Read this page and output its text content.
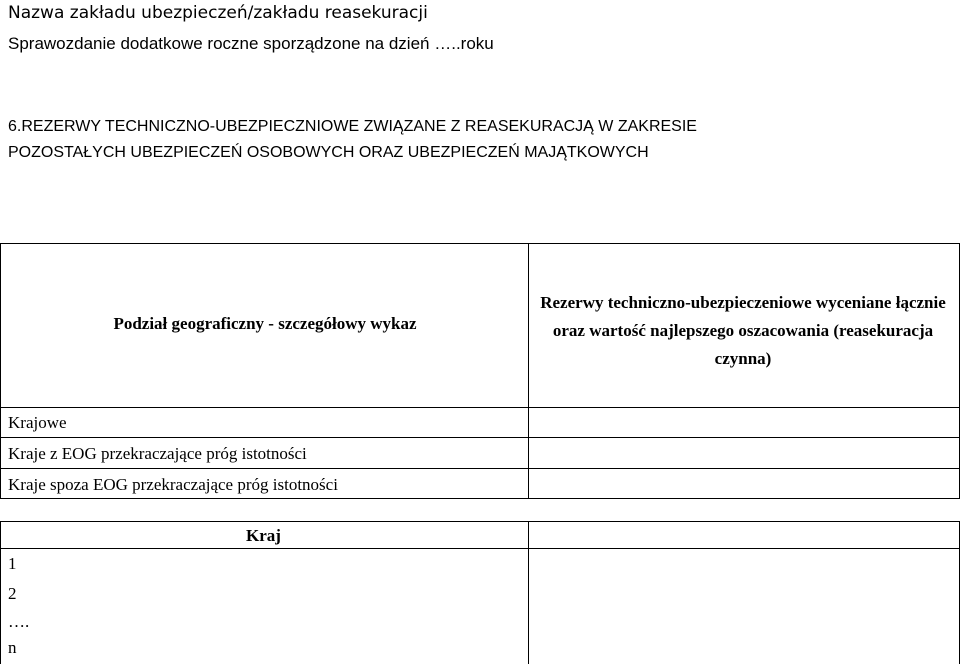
Nazwa zakładu ubezpieczeń/zakładu reasekuracji
Sprawozdanie dodatkowe roczne sporządzone na dzień …..roku
6.REZERWY TECHNICZNO-UBEZPIECZNIOWE ZWIĄZANE Z REASEKURACJĄ W ZAKRESIE
POZOSTAŁYCH UBEZPIECZEŃ OSOBOWYCH ORAZ UBEZPIECZEŃ MAJĄTKOWYCH
Podział geograficzny - szczegółowy wykaz
Rezerwy techniczno-ubezpieczeniowe wyceniane łącznie oraz wartość najlepszego oszacowania (reasekuracja czynna)
Krajowe
Kraje z EOG przekraczające próg istotności
Kraje spoza EOG przekraczające próg istotności
Kraj
1
2
….
n
